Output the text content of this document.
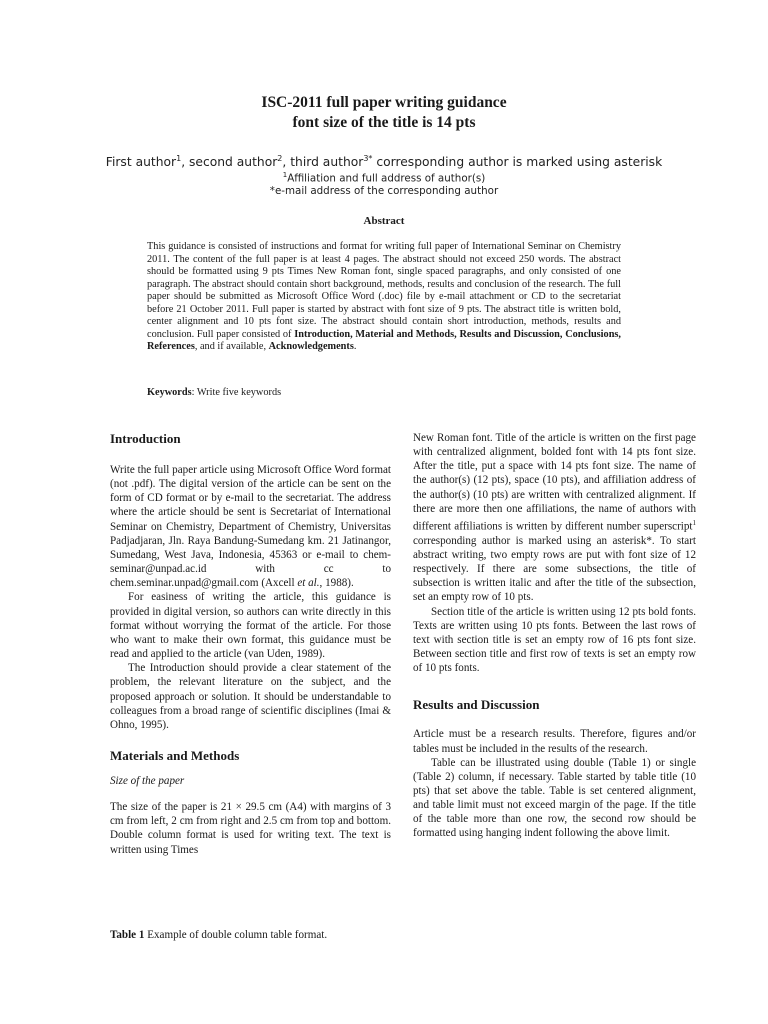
ISC-2011 full paper writing guidance
font size of the title is 14 pts
First author$^1$, second author$^2$, third author$^{3*}$ corresponding author is marked using asterisk
$^1$Affiliation and full address of author(s)
*e-mail address of the corresponding author
Abstract
This guidance is consisted of instructions and format for writing full paper of International Seminar on Chemistry 2011. The content of the full paper is at least 4 pages. The abstract should not exceed 250 words. The abstract should be formatted using 9 pts Times New Roman font, single spaced paragraphs, and only consisted of one paragraph. The abstract should contain short background, methods, results and conclusion of the research. The full paper should be submitted as Microsoft Office Word (.doc) file by e-mail attachment or CD to the secretariat before 21 October 2011. Full paper is started by abstract with font size of 9 pts. The abstract title is written bold, center alignment and 10 pts font size. The abstract should contain short introduction, methods, results and conclusion. Full paper consisted of Introduction, Material and Methods, Results and Discussion, Conclusions, References, and if available, Acknowledgements.
Keywords: Write five keywords

Introduction

Write the full paper article using Microsoft Office Word format (not .pdf). The digital version of the article can be sent on the form of CD format or by e-mail to the secretariat. The address where the article should be sent is Secretariat of International Seminar on Chemistry, Department of Chemistry, Universitas Padjadjaran, Jln. Raya Bandung-Sumedang km. 21 Jatinangor, Sumedang, West Java, Indonesia, 45363 or e-mail to chem-seminar@unpad.ac.id with cc to chem.seminar.unpad@gmail.com (Axcell et al., 1988).

For easiness of writing the article, this guidance is provided in digital version, so authors can write directly in this format without worrying the format of the article. For those who want to make their own format, this guidance must be read and applied to the article (van Uden, 1989).

The Introduction should provide a clear statement of the problem, the relevant literature on the subject, and the proposed approach or solution. It should be understandable to colleagues from a broad range of scientific disciplines (Imai & Ohno, 1995).

Materials and Methods

Size of the paper

The size of the paper is 21 × 29.5 cm (A4) with margins of 3 cm from left, 2 cm from right and 2.5 cm from top and bottom. Double column format is used for writing text. The text is written using Times

Table 1 Example of double column table format.

New Roman font. Title of the article is written on the first page with centralized alignment, bolded font with 14 pts font size. After the title, put a space with 14 pts font size. The name of the author(s) (12 pts), space (10 pts), and affiliation address of the author(s) (10 pts) are written with centralized alignment. If there are more then one affiliations, the name of authors with different affiliations is written by different number superscript$^1$ corresponding author is marked using an asterisk*. To start abstract writing, two empty rows are put with font size of 12 respectively. If there are some subsections, the title of subsection is written italic and after the title of the subsection, set an empty row of 10 pts.

Section title of the article is written using 12 pts bold fonts. Texts are written using 10 pts fonts. Between the last rows of text with section title is set an empty row of 16 pts font size. Between section title and first row of texts is set an empty row of 10 pts fonts.

Results and Discussion

Article must be a research results. Therefore, figures and/or tables must be included in the results of the research.

Table can be illustrated using double (Table 1) or single (Table 2) column, if necessary. Table started by table title (10 pts) that set above the table. Table is set centered alignment, and table limit must not exceed margin of the page. If the title of the table more than one row, the second row should be formatted using hanging indent following the above limit.
